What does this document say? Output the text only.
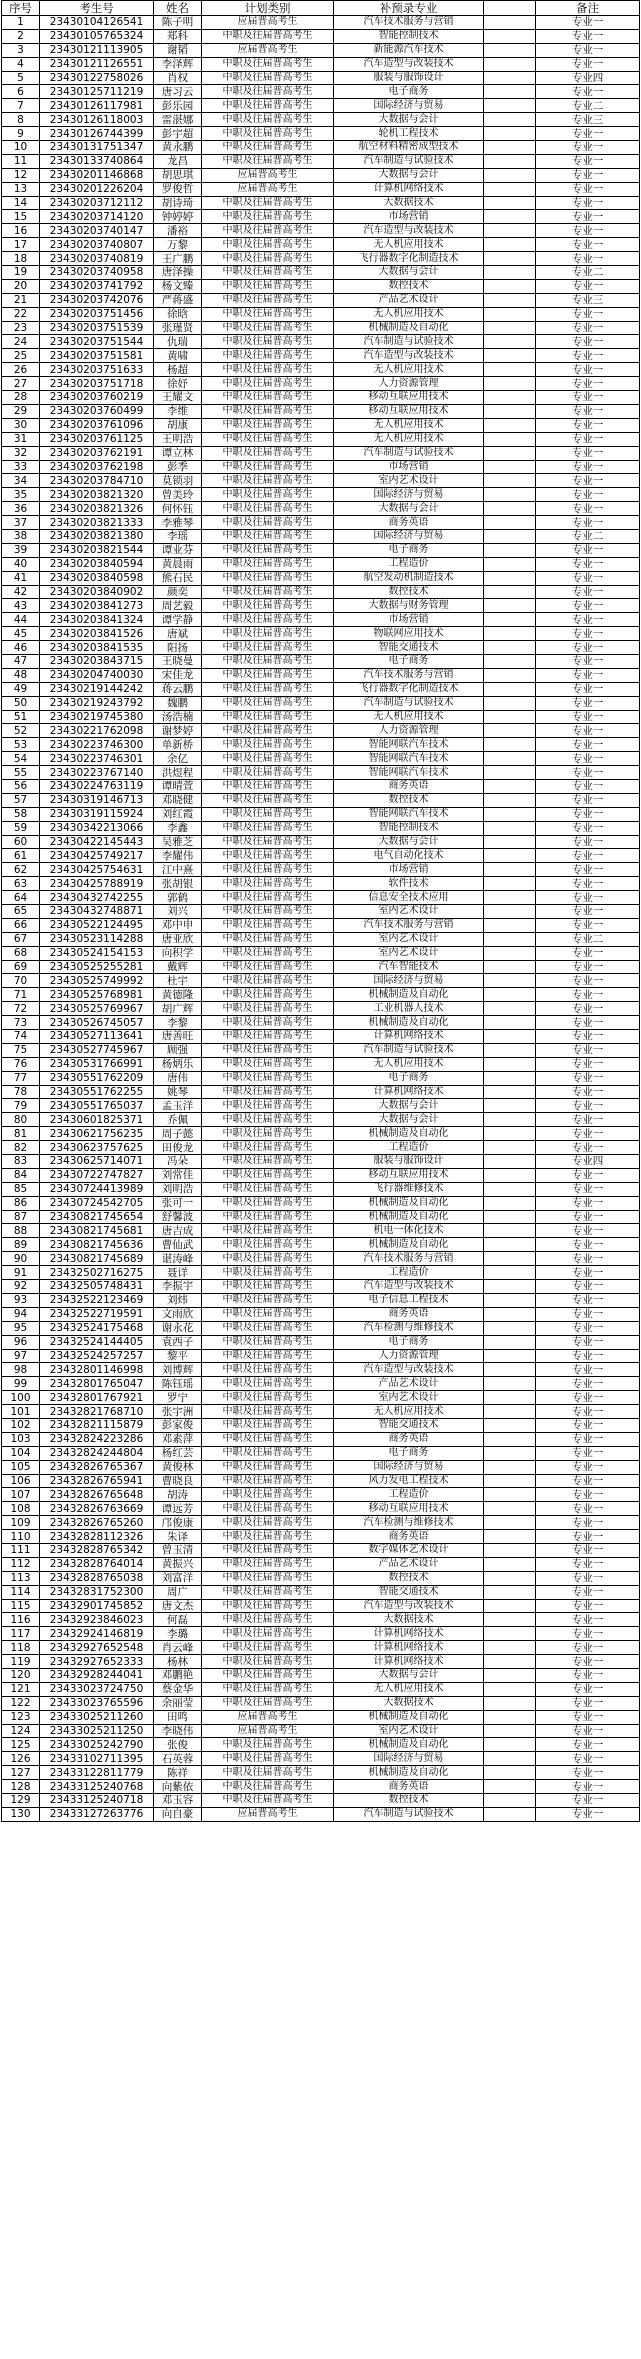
序号	考生号	姓名	计划类别	补预录专业		备注
1	23430104126541	陈子明	应届普高考生	汽车技术服务与营销		专业一
2	23430105765324	郑科	中职及往届普高考生	智能控制技术		专业一
3	23430121113905	谢韬	应届普高考生	新能源汽车技术		专业一
4	23430121126551	李泽辉	中职及往届普高考生	汽车造型与改装技术		专业一
5	23430122758026	肖权	中职及往届普高考生	服装与服饰设计		专业四
6	23430125711219	唐习云	中职及往届普高考生	电子商务		专业一
7	23430126117981	彭乐园	中职及往届普高考生	国际经济与贸易		专业二
8	23430126118003	雷湛娜	中职及往届普高考生	大数据与会计		专业三
9	23430126744399	彭宇超	中职及往届普高考生	轮机工程技术		专业一
10	23430131751347	黄永鹏	中职及往届普高考生	航空材料精密成型技术		专业一
11	23430133740864	龙昌	中职及往届普高考生	汽车制造与试验技术		专业一
12	23430201146868	胡思琪	应届普高考生	大数据与会计		专业一
13	23430201226204	罗俊哲	应届普高考生	计算机网络技术		专业一
14	23430203712112	胡诗琦	中职及往届普高考生	大数据技术		专业一
15	23430203714120	钟婷婷	中职及往届普高考生	市场营销		专业一
16	23430203740147	潘裕	中职及往届普高考生	汽车造型与改装技术		专业一
17	23430203740807	万黎	中职及往届普高考生	无人机应用技术		专业一
18	23430203740819	王广鹏	中职及往届普高考生	飞行器数字化制造技术		专业一
19	23430203740958	唐泽操	中职及往届普高考生	大数据与会计		专业二
20	23430203741792	杨文臻	中职及往届普高考生	数控技术		专业一
21	23430203742076	严蒋盛	中职及往届普高考生	产品艺术设计		专业三
22	23430203751456	徐晗	中职及往届普高考生	无人机应用技术		专业一
23	23430203751539	张瑾贤	中职及往届普高考生	机械制造及自动化		专业一
24	23430203751544	仇瑞	中职及往届普高考生	汽车制造与试验技术		专业一
25	23430203751581	黄啸	中职及往届普高考生	汽车造型与改装技术		专业一
26	23430203751633	杨超	中职及往届普高考生	无人机应用技术		专业一
27	23430203751718	徐妤	中职及往届普高考生	人力资源管理		专业一
28	23430203760219	王耀文	中职及往届普高考生	移动互联应用技术		专业一
29	23430203760499	李维	中职及往届普高考生	移动互联应用技术		专业一
30	23430203761096	胡康	中职及往届普高考生	无人机应用技术		专业一
31	23430203761125	王明浩	中职及往届普高考生	无人机应用技术		专业一
32	23430203762191	谭立林	中职及往届普高考生	汽车制造与试验技术		专业一
33	23430203762198	彭季	中职及往届普高考生	市场营销		专业一
34	23430203784710	莫锁羽	中职及往届普高考生	室内艺术设计		专业一
35	23430203821320	曾美玲	中职及往届普高考生	国际经济与贸易		专业一
36	23430203821326	何怀钰	中职及往届普高考生	大数据与会计		专业一
37	23430203821333	李雅琴	中职及往届普高考生	商务英语		专业一
38	23430203821380	李瑶	中职及往届普高考生	国际经济与贸易		专业二
39	23430203821544	谭业芬	中职及往届普高考生	电子商务		专业一
40	23430203840594	黄晨雨	中职及往届普高考生	工程造价		专业一
41	23430203840598	熊石民	中职及往届普高考生	航空发动机制造技术		专业一
42	23430203840902	颜奕	中职及往届普高考生	数控技术		专业一
43	23430203841273	周艺毅	中职及往届普高考生	大数据与财务管理		专业一
44	23430203841324	谭学静	中职及往届普高考生	市场营销		专业一
45	23430203841526	唐斌	中职及往届普高考生	物联网应用技术		专业一
46	23430203841535	阳扬	中职及往届普高考生	智能交通技术		专业一
47	23430203843715	王晓曼	中职及往届普高考生	电子商务		专业一
48	23430204740030	宋佳龙	中职及往届普高考生	汽车技术服务与营销		专业一
49	23430219144242	蒋云鹏	中职及往届普高考生	飞行器数字化制造技术		专业一
50	23430219243792	魏鹏	中职及往届普高考生	汽车制造与试验技术		专业一
51	23430219745380	汤浩楠	中职及往届普高考生	无人机应用技术		专业一
52	23430221762098	谢梦婷	中职及往届普高考生	人力资源管理		专业一
53	23430223746300	单新桥	中职及往届普高考生	智能网联汽车技术		专业一
54	23430223746301	余亿	中职及往届普高考生	智能网联汽车技术		专业一
55	23430223767140	洪煜程	中职及往届普高考生	智能网联汽车技术		专业一
56	23430224763119	谭晴萱	中职及往届普高考生	商务英语		专业一
57	23430319146713	邓晓健	中职及往届普高考生	数控技术		专业一
58	23430319115924	刘红霞	中职及往届普高考生	智能网联汽车技术		专业一
59	23430342213066	李鑫	中职及往届普高考生	智能控制技术		专业一
60	23430422145443	吴雅芝	中职及往届普高考生	大数据与会计		专业一
61	23430425749217	李耀伟	中职及往届普高考生	电气自动化技术		专业一
62	23430425754631	江中熹	中职及往届普高考生	市场营销		专业一
63	23430425788919	张胡银	中职及往届普高考生	软件技术		专业一
64	23430432742255	郭鹤	中职及往届普高考生	信息安全技术应用		专业一
65	23430432748871	刘兴	中职及往届普高考生	室内艺术设计		专业一
66	23430522124495	邓中申	中职及往届普高考生	汽车技术服务与营销		专业一
67	23430523114288	唐亚欣	中职及往届普高考生	室内艺术设计		专业二
68	23430524154153	向积学	中职及往届普高考生	室内艺术设计		专业一
69	23430525255281	戴辉	中职及往届普高考生	汽车智能技术		专业一
70	23430525749992	杜宇	中职及往届普高考生	国际经济与贸易		专业一
71	23430525768981	黄德隆	中职及往届普高考生	机械制造及自动化		专业一
72	23430525769967	胡广辉	中职及往届普高考生	工业机器人技术		专业一
73	23430526745057	李黎	中职及往届普高考生	机械制造及自动化		专业一
74	23430527113641	唐善旺	中职及往届普高考生	计算机网络技术		专业一
75	23430527745967	顾强	中职及往届普高考生	汽车制造与试验技术		专业一
76	23430531766991	杨炳乐	中职及往届普高考生	无人机应用技术		专业一
77	23430551762209	唐伟	中职及往届普高考生	电子商务		专业一
78	23430551762255	姚琴	中职及往届普高考生	计算机网络技术		专业一
79	23430551765037	孟玉洋	中职及往届普高考生	大数据与会计		专业一
80	23430601825371	乔佩	中职及往届普高考生	大数据与会计		专业一
81	23430621756235	周子懿	中职及往届普高考生	机械制造及自动化		专业一
82	23430623757625	田俊龙	中职及往届普高考生	工程造价		专业一
83	23430625714071	冯朵	中职及往届普高考生	服装与服饰设计		专业四
84	23430722747827	刘常佳	中职及往届普高考生	移动互联应用技术		专业一
85	23430724413989	刘明浩	中职及往届普高考生	飞行器维修技术		专业一
86	23430724542705	张可一	中职及往届普高考生	机械制造及自动化		专业一
87	23430821745654	舒馨波	中职及往届普高考生	机械制造及自动化		专业一
88	23430821745681	唐吉成	中职及往届普高考生	机电一体化技术		专业一
89	23430821745636	曹仙武	中职及往届普高考生	机械制造及自动化		专业一
90	23430821745689	谌涛峰	中职及往届普高考生	汽车技术服务与营销		专业一
91	23432502716275	聂详	中职及往届普高考生	工程造价		专业一
92	23432505748431	李振宇	中职及往届普高考生	汽车造型与改装技术		专业一
93	23432522123469	刘炜	中职及往届普高考生	电子信息工程技术		专业一
94	23432522719591	文雨欣	中职及往届普高考生	商务英语		专业一
95	23432524175468	谢永花	中职及往届普高考生	汽车检测与维修技术		专业一
96	23432524144405	袁西子	中职及往届普高考生	电子商务		专业一
97	23432524257257	黎平	中职及往届普高考生	人力资源管理		专业一
98	23432801146998	刘博辉	中职及往届普高考生	汽车造型与改装技术		专业一
99	23432801765047	陈钰瑶	中职及往届普高考生	产品艺术设计		专业一
100	23432801767921	罗宁	中职及往届普高考生	室内艺术设计		专业一
101	23432821768710	张宇洲	中职及往届普高考生	无人机应用技术		专业一
102	23432821115879	彭家俊	中职及往届普高考生	智能交通技术		专业一
103	23432824223286	邓素萍	中职及往届普高考生	商务英语		专业一
104	23432824244804	杨红芸	中职及往届普高考生	电子商务		专业一
105	23432826765367	黄俊林	中职及往届普高考生	国际经济与贸易		专业一
106	23432826765941	曹晓良	中职及往届普高考生	风力发电工程技术		专业一
107	23432826765648	胡涛	中职及往届普高考生	工程造价		专业一
108	23432826763669	谭远芳	中职及往届普高考生	移动互联应用技术		专业一
109	23432826765260	邝俊康	中职及往届普高考生	汽车检测与维修技术		专业一
110	23432828112326	朱译	中职及往届普高考生	商务英语		专业一
111	23432828765342	曾玉清	中职及往届普高考生	数字媒体艺术设计		专业一
112	23432828764014	黄振兴	中职及往届普高考生	产品艺术设计		专业一
113	23432828765038	刘富洋	中职及往届普高考生	数控技术		专业一
114	23432831752300	周广	中职及往届普高考生	智能交通技术		专业一
115	23432901745852	唐文杰	中职及往届普高考生	汽车造型与改装技术		专业一
116	23432923846023	何磊	中职及往届普高考生	大数据技术		专业一
117	23432924146819	李璐	中职及往届普高考生	计算机网络技术		专业一
118	23432927652548	肖云峰	中职及往届普高考生	计算机网络技术		专业一
119	23432927652333	杨林	中职及往届普高考生	计算机网络技术		专业一
120	23432928244041	邓鹏艳	中职及往届普高考生	大数据与会计		专业一
121	23433023724750	蔡金华	中职及往届普高考生	无人机应用技术		专业一
122	23433023765596	余丽莹	中职及往届普高考生	大数据技术		专业一
123	23433025211260	田鸣	应届普高考生	机械制造及自动化		专业一
124	23433025211250	李晓伟	应届普高考生	室内艺术设计		专业一
125	23433025242790	张俊	中职及往届普高考生	机械制造及自动化		专业一
126	23433102711395	石英蓉	中职及往届普高考生	国际经济与贸易		专业一
127	23433122811779	陈祥	中职及往届普高考生	机械制造及自动化		专业一
128	23433125240768	向紫依	中职及往届普高考生	商务英语		专业一
129	23433125240718	邓玉容	中职及往届普高考生	数控技术		专业一
130	23433127263776	向自豪	应届普高考生	汽车制造与试验技术		专业一
